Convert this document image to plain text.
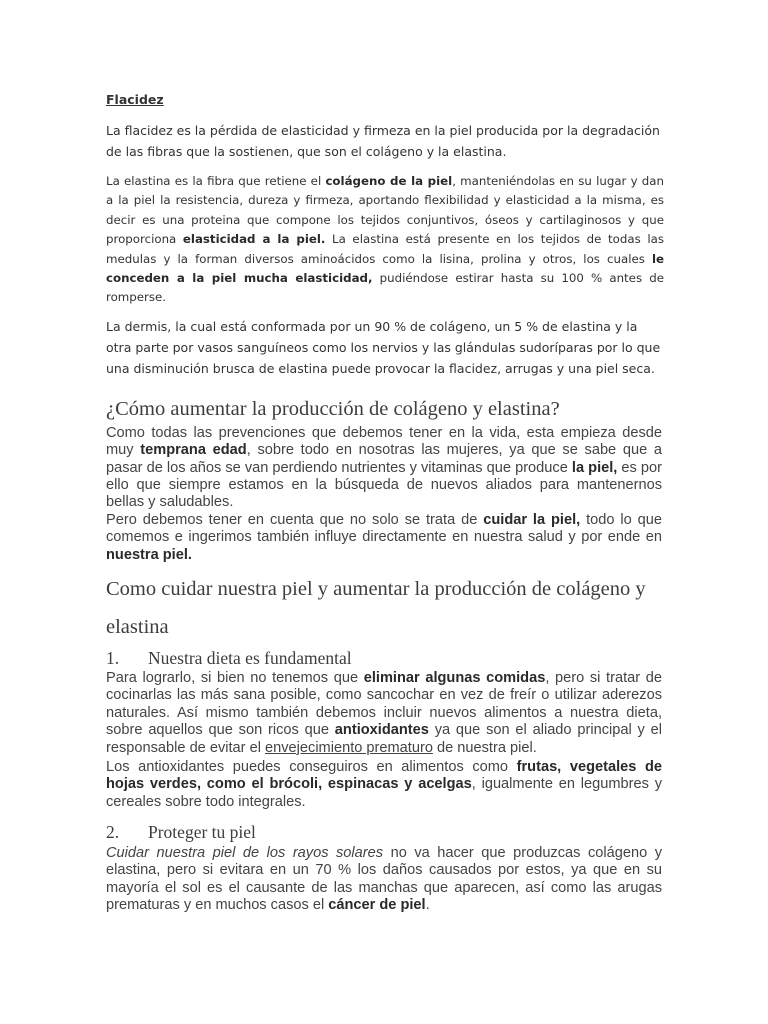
Flacidez
La flacidez es la pérdida de elasticidad y firmeza en la piel producida por la degradación de las fibras que la sostienen, que son el colágeno y la elastina.
La elastina es la fibra que retiene el colágeno de la piel, manteniéndolas en su lugar y dan a la piel la resistencia, dureza y firmeza, aportando flexibilidad y elasticidad a la misma, es decir es una proteina que compone los tejidos conjuntivos, óseos y cartilaginosos y que proporciona elasticidad a la piel. La elastina está presente en los tejidos de todas las medulas y la forman diversos aminoácidos como la lisina, prolina y otros, los cuales le conceden a la piel mucha elasticidad, pudiéndose estirar hasta su 100 % antes de romperse.
La dermis, la cual está conformada por un 90 % de colágeno, un 5 % de elastina y la otra parte por vasos sanguíneos como los nervios y las glándulas sudoríparas por lo que una disminución brusca de elastina puede provocar la flacidez, arrugas y una piel seca.
¿Cómo aumentar la producción de colágeno y elastina?
Como todas las prevenciones que debemos tener en la vida, esta empieza desde muy temprana edad, sobre todo en nosotras las mujeres, ya que se sabe que a pasar de los años se van perdiendo nutrientes y vitaminas que produce la piel, es por ello que siempre estamos en la búsqueda de nuevos aliados para mantenernos bellas y saludables.
Pero debemos tener en cuenta que no solo se trata de cuidar la piel, todo lo que comemos e ingerimos también influye directamente en nuestra salud y por ende en nuestra piel.
Como cuidar nuestra piel y aumentar la producción de colágeno y elastina
1. Nuestra dieta es fundamental
Para lograrlo, si bien no tenemos que eliminar algunas comidas, pero si tratar de cocinarlas las más sana posible, como sancochar en vez de freír o utilizar aderezos naturales. Así mismo también debemos incluir nuevos alimentos a nuestra dieta, sobre aquellos que son ricos que antioxidantes ya que son el aliado principal y el responsable de evitar el envejecimiento prematuro de nuestra piel.
Los antioxidantes puedes conseguiros en alimentos como frutas, vegetales de hojas verdes, como el brócoli, espinacas y acelgas, igualmente en legumbres y cereales sobre todo integrales.
2. Proteger tu piel
Cuidar nuestra piel de los rayos solares no va hacer que produzcas colágeno y elastina, pero si evitara en un 70 % los daños causados por estos, ya que en su mayoría el sol es el causante de las manchas que aparecen, así como las arugas prematuras y en muchos casos el cáncer de piel.
